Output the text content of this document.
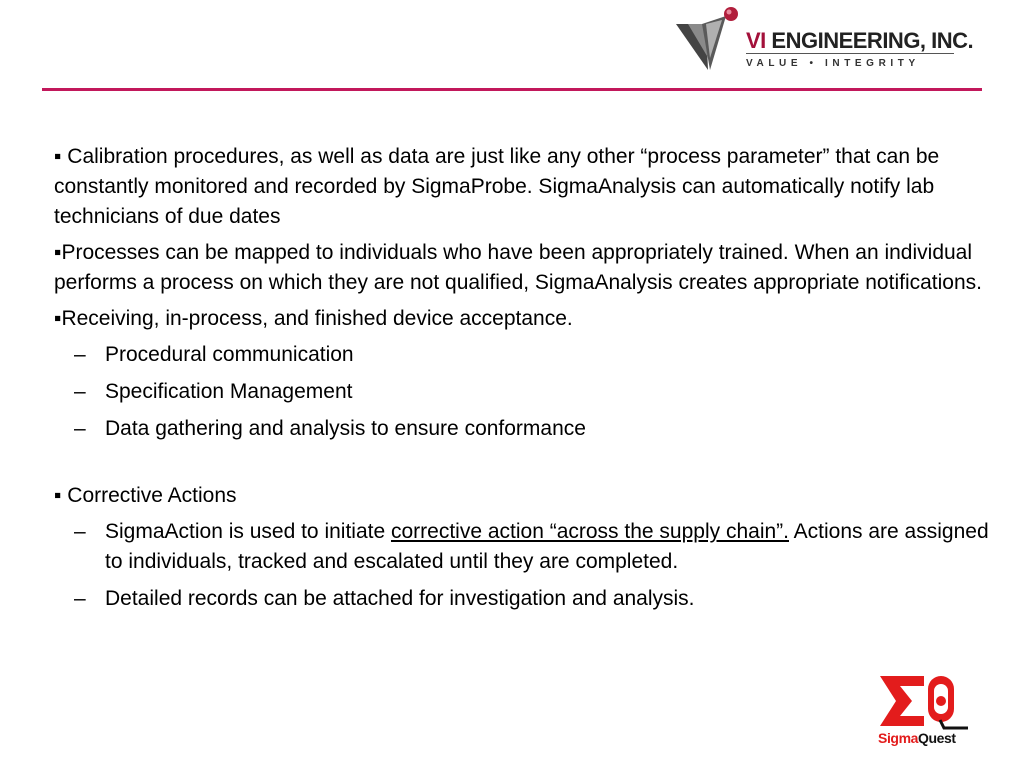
VI ENGINEERING, INC.
VALUE • INTEGRITY

▪ Calibration procedures, as well as data are just like any other “process parameter” that can be constantly monitored and recorded by SigmaProbe. SigmaAnalysis can automatically notify lab technicians of due dates

▪Processes can be mapped to individuals who have been appropriately trained. When an individual performs a process on which they are not qualified, SigmaAnalysis creates appropriate notifications.

▪Receiving, in-process, and finished device acceptance.

– Procedural communication

– Specification Management

– Data gathering and analysis to ensure conformance

▪ Corrective Actions

– SigmaAction is used to initiate corrective action “across the supply chain”. Actions are assigned to individuals, tracked and escalated until they are completed.

– Detailed records can be attached for investigation and analysis.

SigmaQuest
